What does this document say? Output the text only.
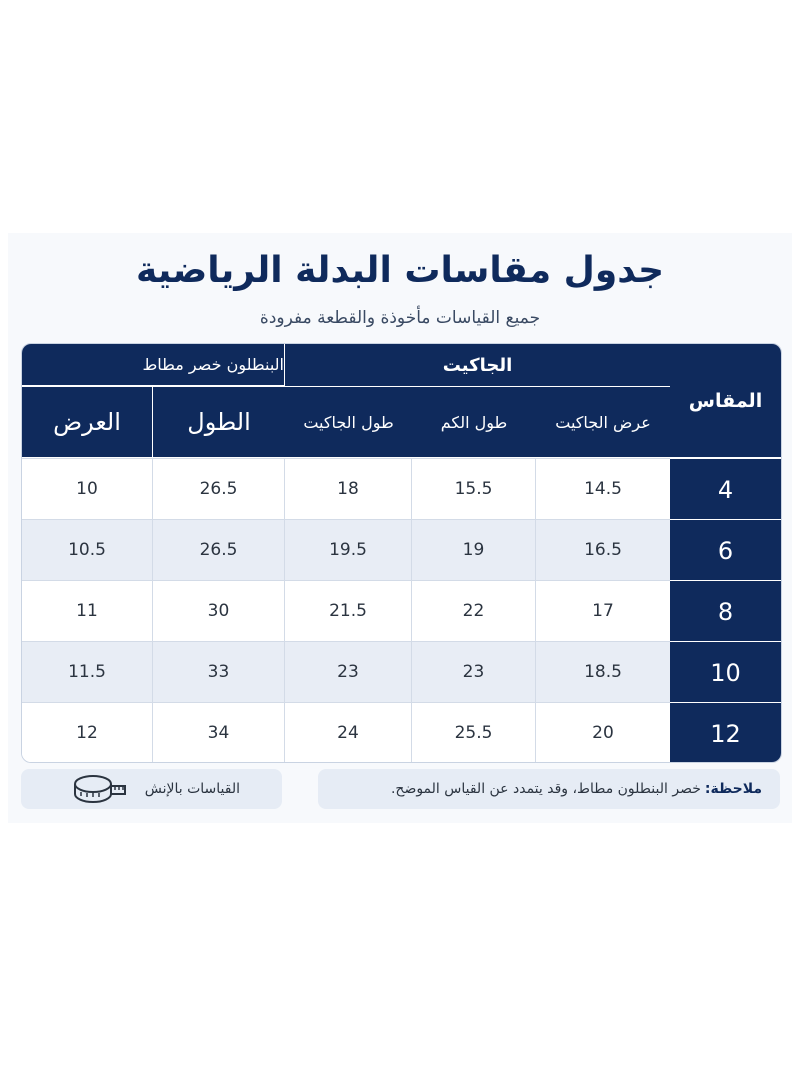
جدول مقاسات البدلة الرياضية
جميع القياسات مأخوذة والقطعة مفرودة
المقاس
الجاكيت
البنطلون خصر مطاط
عرض الجاكيت
طول الكم
طول الجاكيت
الطول
العرض
10	26.5	18	15.5	14.5	4
10.5	26.5	19.5	19	16.5	6
11	30	21.5	22	17	8
11.5	33	23	23	18.5	10
12	34	24	25.5	20	12
ملاحظة:
خصر البنطلون مطاط، وقد يتمدد عن القياس الموضح.
القياسات بالإنش
